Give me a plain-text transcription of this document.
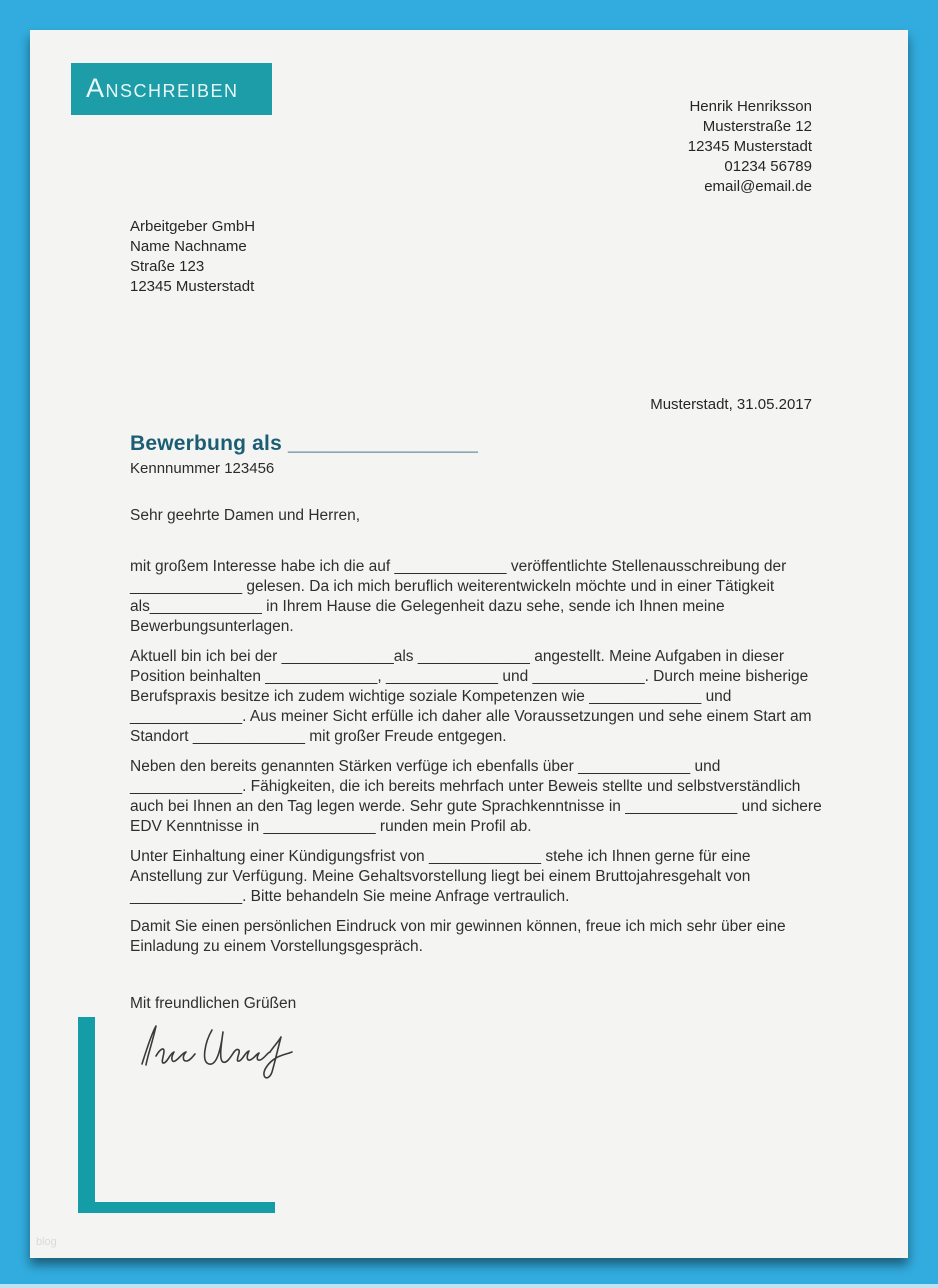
ANSCHREIBEN
Henrik Henriksson
Musterstraße 12
12345 Musterstadt
01234 56789
email@email.de
Arbeitgeber GmbH
Name Nachname
Straße 123
12345 Musterstadt
Musterstadt, 31.05.2017
Bewerbung als ________________
Kennnummer 123456

Sehr geehrte Damen und Herren,

mit großem Interesse habe ich die auf _____________ veröffentlichte Stellenausschreibung der _____________ gelesen. Da ich mich beruflich weiterentwickeln möchte und in einer Tätigkeit als_____________ in Ihrem Hause die Gelegenheit dazu sehe, sende ich Ihnen meine Bewerbungsunterlagen.

Aktuell bin ich bei der _____________als _____________ angestellt. Meine Aufgaben in dieser Position beinhalten _____________, _____________ und _____________. Durch meine bisherige Berufspraxis besitze ich zudem wichtige soziale Kompetenzen wie _____________ und _____________. Aus meiner Sicht erfülle ich daher alle Voraussetzungen und sehe einem Start am Standort _____________ mit großer Freude entgegen.

Neben den bereits genannten Stärken verfüge ich ebenfalls über _____________ und _____________. Fähigkeiten, die ich bereits mehrfach unter Beweis stellte und selbstverständlich auch bei Ihnen an den Tag legen werde. Sehr gute Sprachkenntnisse in _____________ und sichere EDV Kenntnisse in _____________ runden mein Profil ab.

Unter Einhaltung einer Kündigungsfrist von _____________ stehe ich Ihnen gerne für eine Anstellung zur Verfügung. Meine Gehaltsvorstellung liegt bei einem Bruttojahresgehalt von _____________. Bitte behandeln Sie meine Anfrage vertraulich.

Damit Sie einen persönlichen Eindruck von mir gewinnen können, freue ich mich sehr über eine Einladung zu einem Vorstellungsgespräch.

Mit freundlichen Grüßen

blog
